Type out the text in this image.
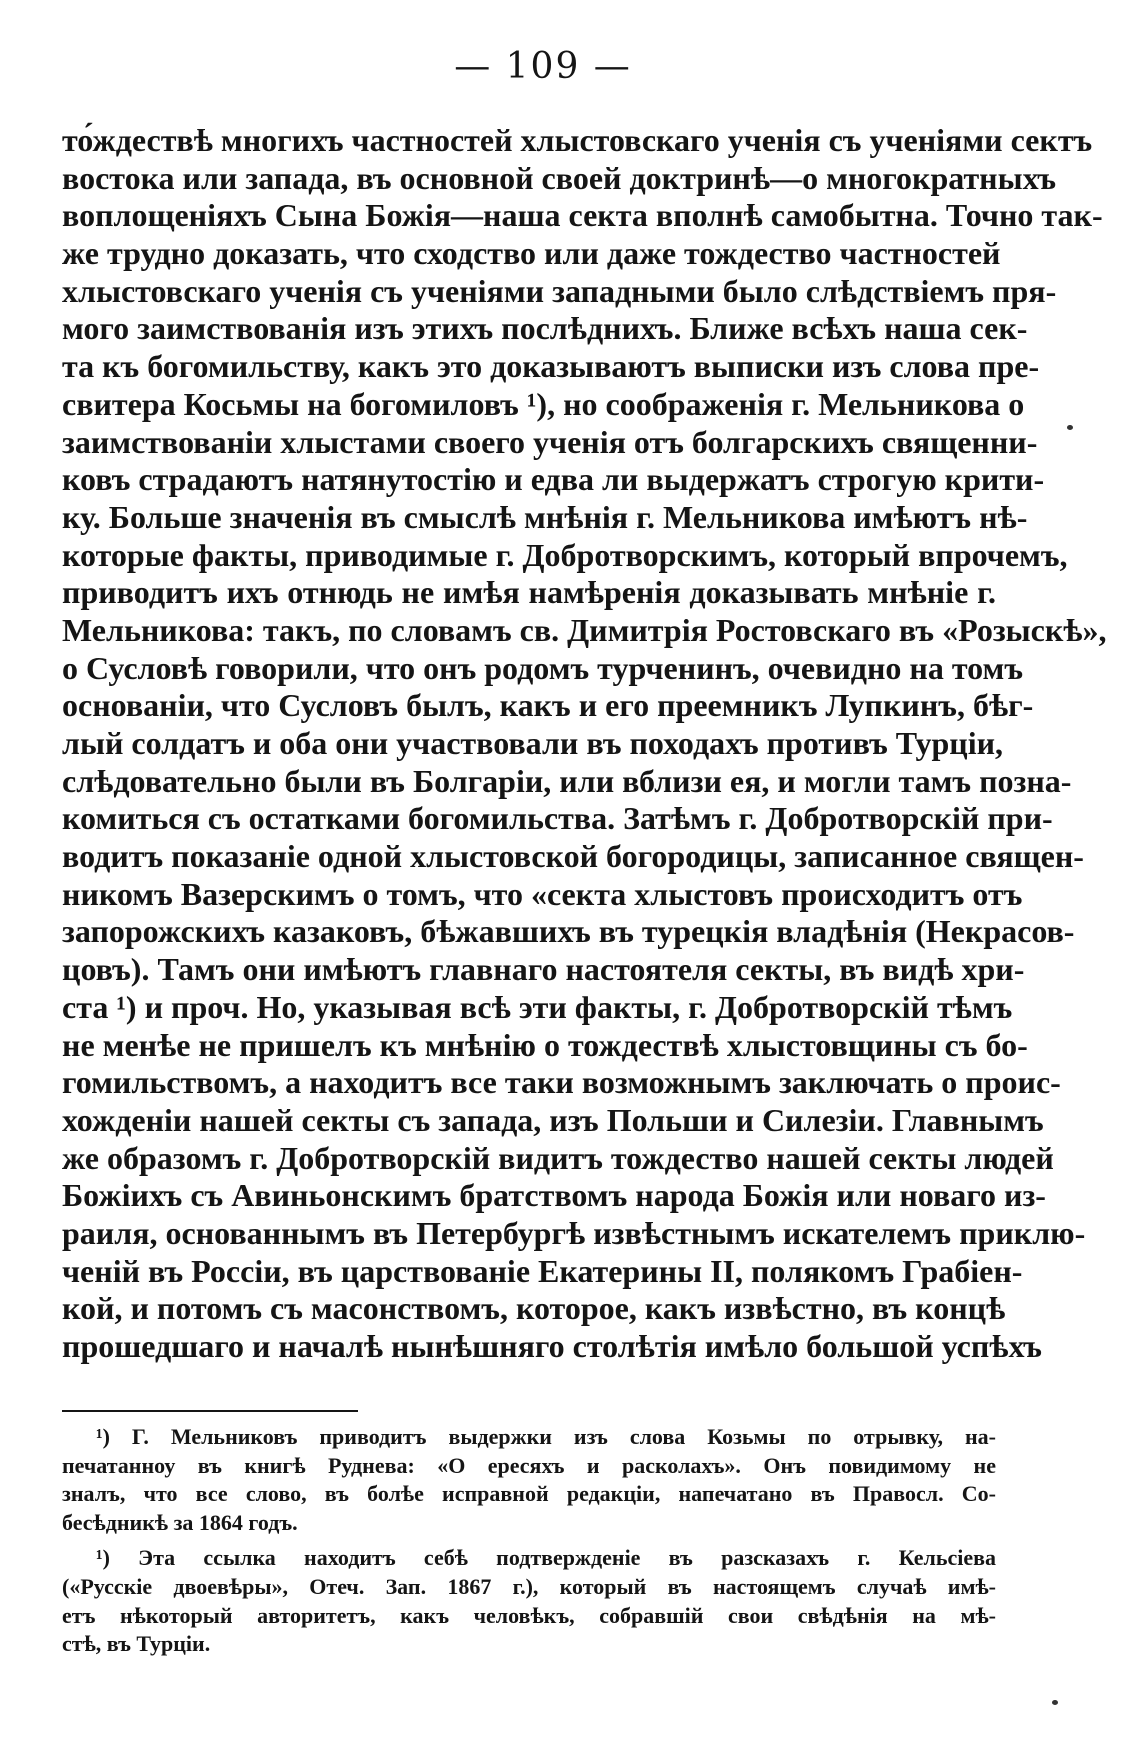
— 109 —
то́ждествѣ многихъ частностей хлыстовскаго ученія съ ученіями сектъ
востока или запада, въ основной своей доктринѣ—о многократныхъ
воплощеніяхъ Сына Божія—наша секта вполнѣ самобытна. Точно так-
же трудно доказать, что сходство или даже тождество частностей
хлыстовскаго ученія съ ученіями западными было слѣдствіемъ пря-
мого заимствованія изъ этихъ послѣднихъ. Ближе всѣхъ наша сек-
та къ богомильству, какъ это доказываютъ выписки изъ слова пре-
свитера Косьмы на богомиловъ ¹), но соображенія г. Мельникова о
заимствованіи хлыстами своего ученія отъ болгарскихъ священни-
ковъ страдаютъ натянутостію и едва ли выдержатъ строгую крити-
ку. Больше значенія въ смыслѣ мнѣнія г. Мельникова имѣютъ нѣ-
которые факты, приводимые г. Добротворскимъ, который впрочемъ,
приводитъ ихъ отнюдь не имѣя намѣренія доказывать мнѣніе г.
Мельникова: такъ, по словамъ св. Димитрія Ростовскаго въ «Розыскѣ»,
о Сусловѣ говорили, что онъ родомъ турченинъ, очевидно на томъ
основаніи, что Сусловъ былъ, какъ и его преемникъ Лупкинъ, бѣг-
лый солдатъ и оба они участвовали въ походахъ противъ Турціи,
слѣдовательно были въ Болгаріи, или вблизи ея, и могли тамъ позна-
комиться съ остатками богомильства. Затѣмъ г. Добротворскій при-
водитъ показаніе одной хлыстовской богородицы, записанное священ-
никомъ Вазерскимъ о томъ, что «секта хлыстовъ происходитъ отъ
запорожскихъ казаковъ, бѣжавшихъ въ турецкія владѣнія (Некрасов-
цовъ). Тамъ они имѣютъ главнаго настоятеля секты, въ видѣ хри-
ста ¹) и проч. Но, указывая всѣ эти факты, г. Добротворскій тѣмъ
не менѣе не пришелъ къ мнѣнію о тождествѣ хлыстовщины съ бо-
гомильствомъ, а находитъ все таки возможнымъ заключать о проис-
хожденіи нашей секты съ запада, изъ Польши и Силезіи. Главнымъ
же образомъ г. Добротворскій видитъ тождество нашей секты людей
Божіихъ съ Авиньонскимъ братствомъ народа Божія или новаго из-
раиля, основаннымъ въ Петербургѣ извѣстнымъ искателемъ приклю-
ченій въ Россіи, въ царствованіе Екатерины II, полякомъ Грабіен-
кой, и потомъ съ масонствомъ, которое, какъ извѣстно, въ концѣ
прошедшаго и началѣ нынѣшняго столѣтія имѣло большой успѣхъ
¹) Г. Мельниковъ приводитъ выдержки изъ слова Козьмы по отрывку, на-
печатанноу въ книгѣ Руднева: «О ересяхъ и расколахъ». Онъ повидимому не
зналъ, что все слово, въ болѣе исправной редакціи, напечатано въ Правосл. Со-
бесѣдникѣ за 1864 годъ.
¹) Эта ссылка находитъ себѣ подтвержденіе въ разсказахъ г. Кельсіева
(«Русскіе двоевѣры», Отеч. Зап. 1867 г.), который въ настоящемъ случаѣ имѣ-
етъ нѣкоторый авторитетъ, какъ человѣкъ, собравшій свои свѣдѣнія на мѣ-
стѣ, въ Турціи.
